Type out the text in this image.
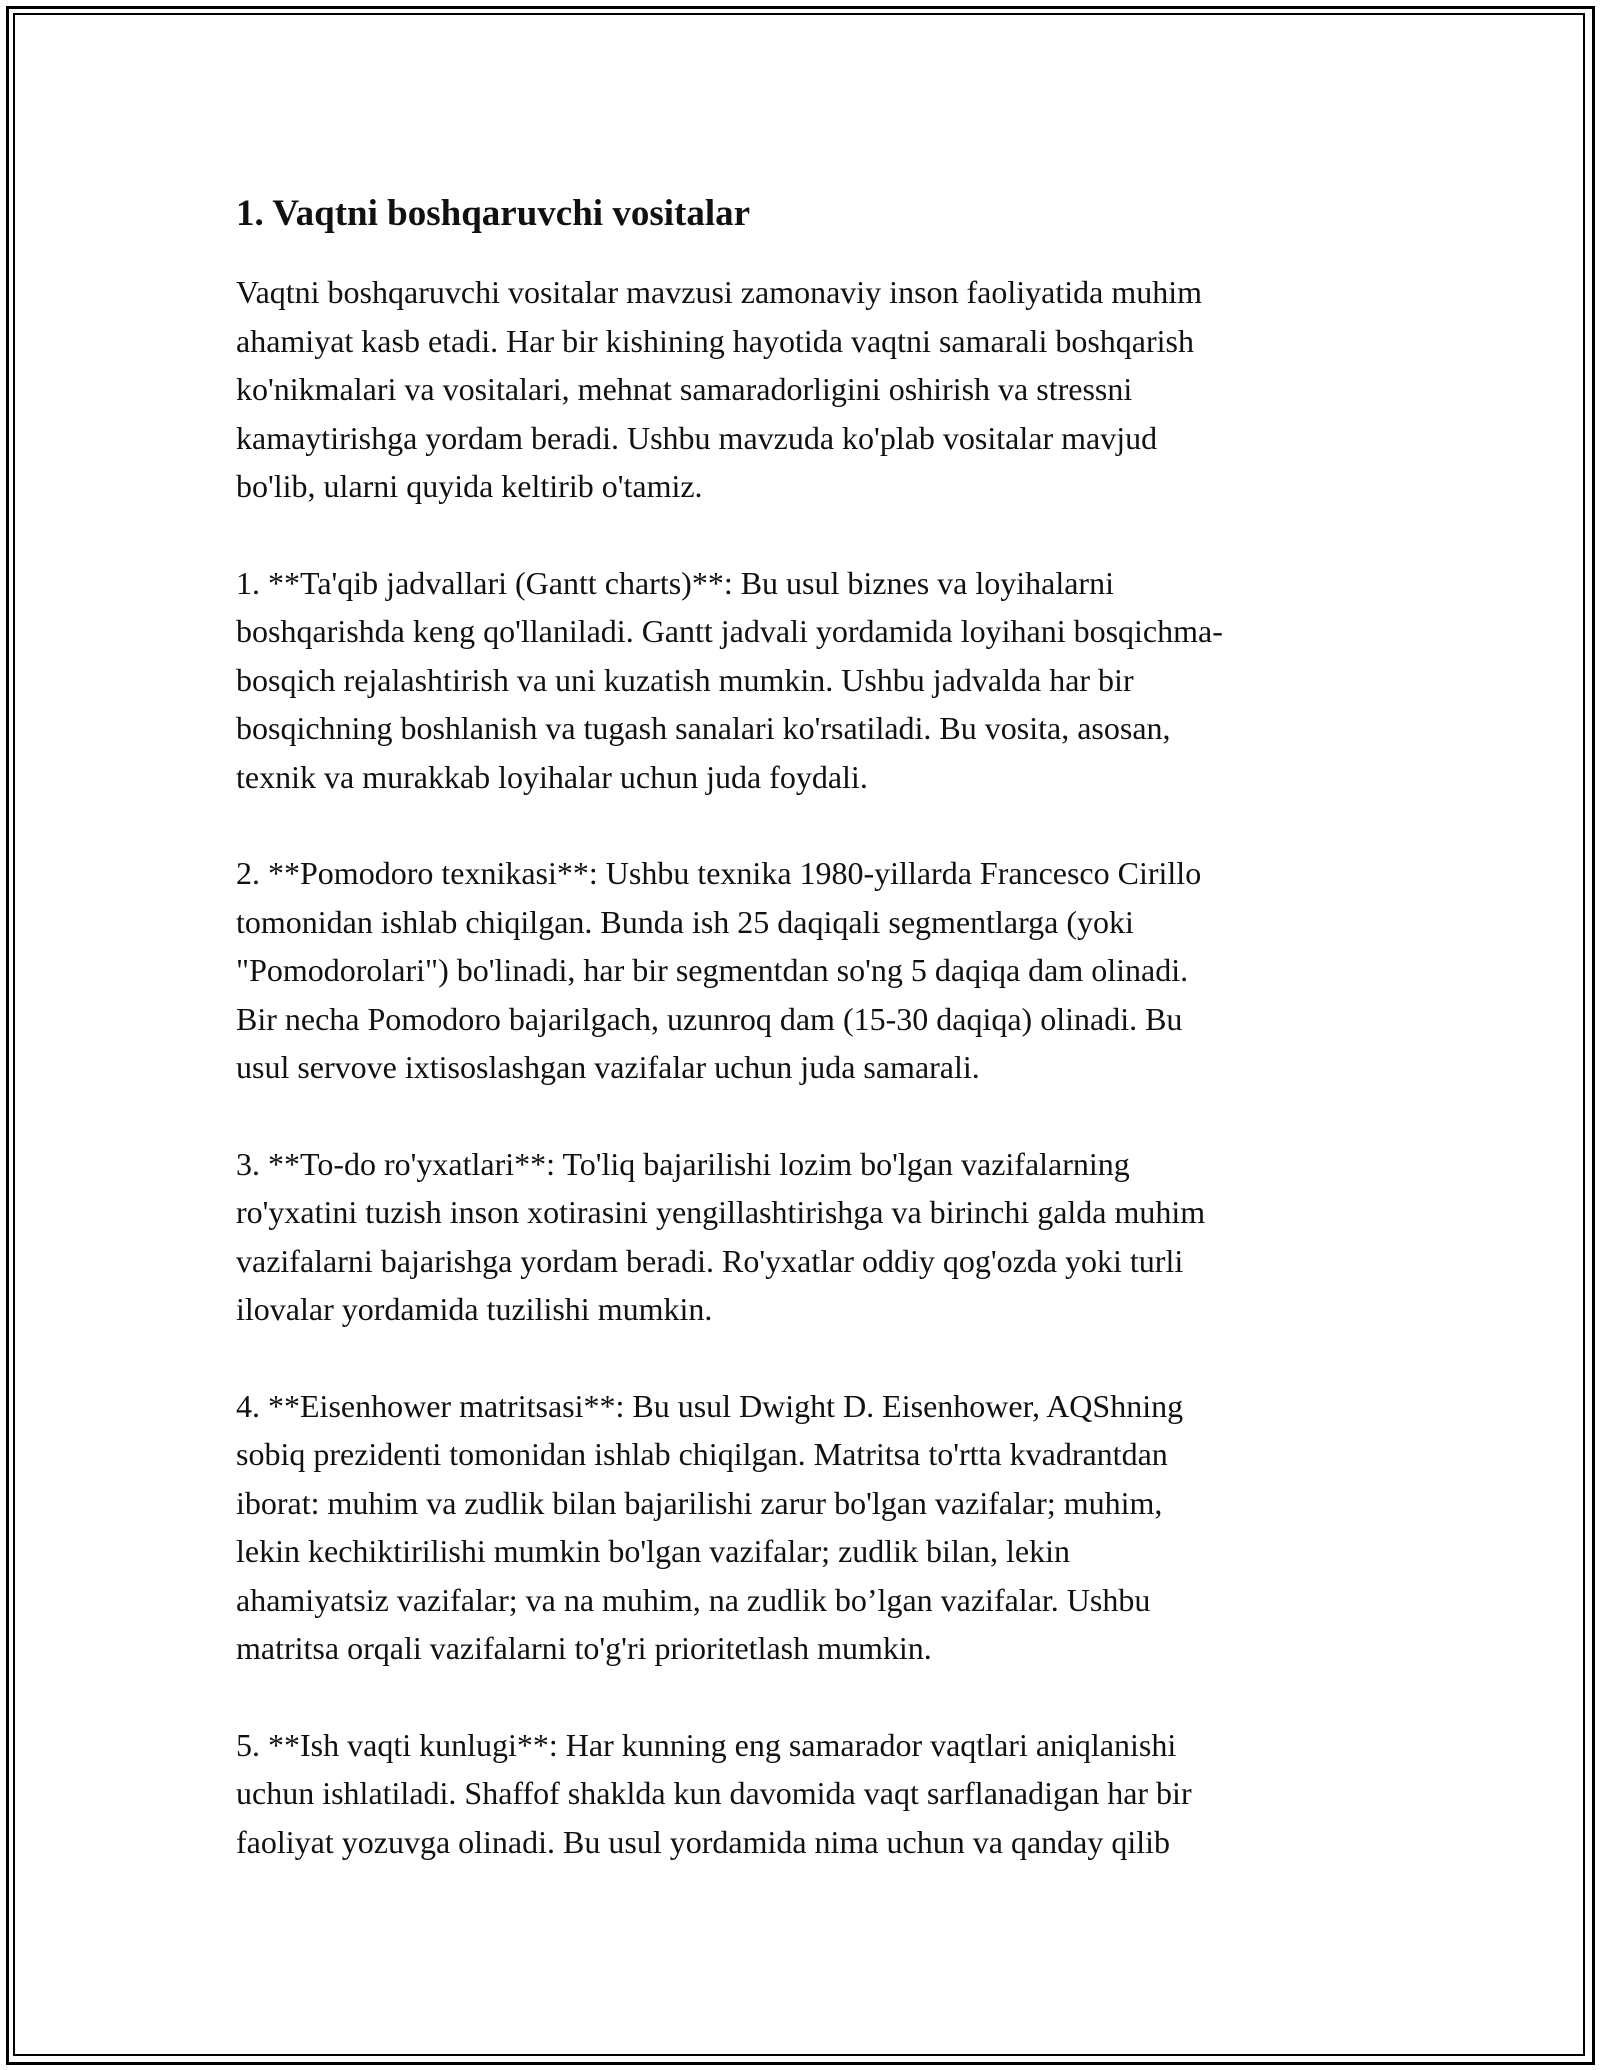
1. Vaqtni boshqaruvchi vositalar

Vaqtni boshqaruvchi vositalar mavzusi zamonaviy inson faoliyatida muhim
ahamiyat kasb etadi. Har bir kishining hayotida vaqtni samarali boshqarish
ko'nikmalari va vositalari, mehnat samaradorligini oshirish va stressni
kamaytirishga yordam beradi. Ushbu mavzuda ko'plab vositalar mavjud
bo'lib, ularni quyida keltirib o'tamiz.

1. **Ta'qib jadvallari (Gantt charts)**: Bu usul biznes va loyihalarni
boshqarishda keng qo'llaniladi. Gantt jadvali yordamida loyihani bosqichma-
bosqich rejalashtirish va uni kuzatish mumkin. Ushbu jadvalda har bir
bosqichning boshlanish va tugash sanalari ko'rsatiladi. Bu vosita, asosan,
texnik va murakkab loyihalar uchun juda foydali.

2. **Pomodoro texnikasi**: Ushbu texnika 1980-yillarda Francesco Cirillo
tomonidan ishlab chiqilgan. Bunda ish 25 daqiqali segmentlarga (yoki
"Pomodorolari") bo'linadi, har bir segmentdan so'ng 5 daqiqa dam olinadi.
Bir necha Pomodoro bajarilgach, uzunroq dam (15-30 daqiqa) olinadi. Bu
usul servove ixtisoslashgan vazifalar uchun juda samarali.

3. **To-do ro'yxatlari**: To'liq bajarilishi lozim bo'lgan vazifalarning
ro'yxatini tuzish inson xotirasini yengillashtirishga va birinchi galda muhim
vazifalarni bajarishga yordam beradi. Ro'yxatlar oddiy qog'ozda yoki turli
ilovalar yordamida tuzilishi mumkin.

4. **Eisenhower matritsasi**: Bu usul Dwight D. Eisenhower, AQShning
sobiq prezidenti tomonidan ishlab chiqilgan. Matritsa to'rtta kvadrantdan
iborat: muhim va zudlik bilan bajarilishi zarur bo'lgan vazifalar; muhim,
lekin kechiktirilishi mumkin bo'lgan vazifalar; zudlik bilan, lekin
ahamiyatsiz vazifalar; va na muhim, na zudlik bo’lgan vazifalar. Ushbu
matritsa orqali vazifalarni to'g'ri prioritetlash mumkin.

5. **Ish vaqti kunlugi**: Har kunning eng samarador vaqtlari aniqlanishi
uchun ishlatiladi. Shaffof shaklda kun davomida vaqt sarflanadigan har bir
faoliyat yozuvga olinadi. Bu usul yordamida nima uchun va qanday qilib
